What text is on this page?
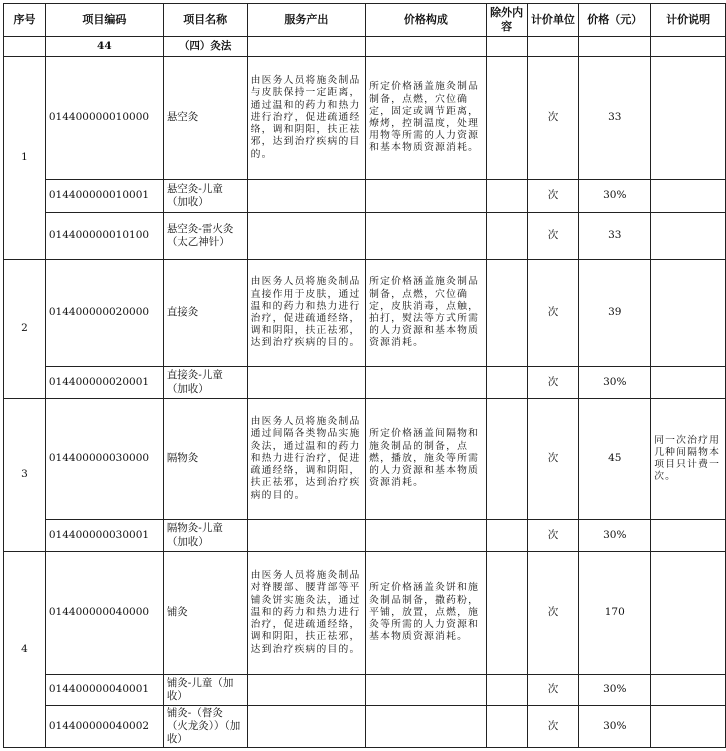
序号	项目编码	项目名称	服务产出	价格构成	除外内容	计价单位	价格（元）	计价说明
	44	（四）灸法						
1	014400000010000	悬空灸	由医务人员将施灸制品与皮肤保持一定距离，通过温和的药力和热力进行治疗，促进疏通经络，调和阴阳，扶正祛邪，达到治疗疾病的目的。	所定价格涵盖施灸制品制备，点燃，穴位确定，固定或调节距离，燎烤，控制温度，处理用物等所需的人力资源和基本物质资源消耗。		次	33	
	014400000010001	悬空灸-儿童（加收）				次	30%	
	014400000010100	悬空灸-雷火灸（太乙神针）				次	33	
2	014400000020000	直接灸	由医务人员将施灸制品直接作用于皮肤，通过温和的药力和热力进行治疗，促进疏通经络，调和阴阳，扶正祛邪，达到治疗疾病的目的。	所定价格涵盖施灸制品制备，点燃，穴位确定，皮肤消毒，点触，拍打，熨法等方式所需的人力资源和基本物质资源消耗。		次	39	
	014400000020001	直接灸-儿童（加收）				次	30%	
3	014400000030000	隔物灸	由医务人员将施灸制品通过间隔各类物品实施灸法，通过温和的药力和热力进行治疗，促进疏通经络，调和阴阳，扶正祛邪，达到治疗疾病的目的。	所定价格涵盖间隔物和施灸制品的制备，点燃，播放，施灸等所需的人力资源和基本物质资源消耗。		次	45	同一次治疗用几种间隔物本项目只计费一次。
	014400000030001	隔物灸-儿童（加收）				次	30%	
4	014400000040000	铺灸	由医务人员将施灸制品对脊腰部、腰背部等平铺灸饼实施灸法，通过温和的药力和热力进行治疗，促进疏通经络，调和阴阳，扶正祛邪，达到治疗疾病的目的。	所定价格涵盖灸饼和施灸制品制备，撒药粉，平铺，放置，点燃，施灸等所需的人力资源和基本物质资源消耗。		次	170	
	014400000040001	铺灸-儿童（加收）				次	30%	
	014400000040002	铺灸-（督灸（火龙灸））（加收）				次	30%	
